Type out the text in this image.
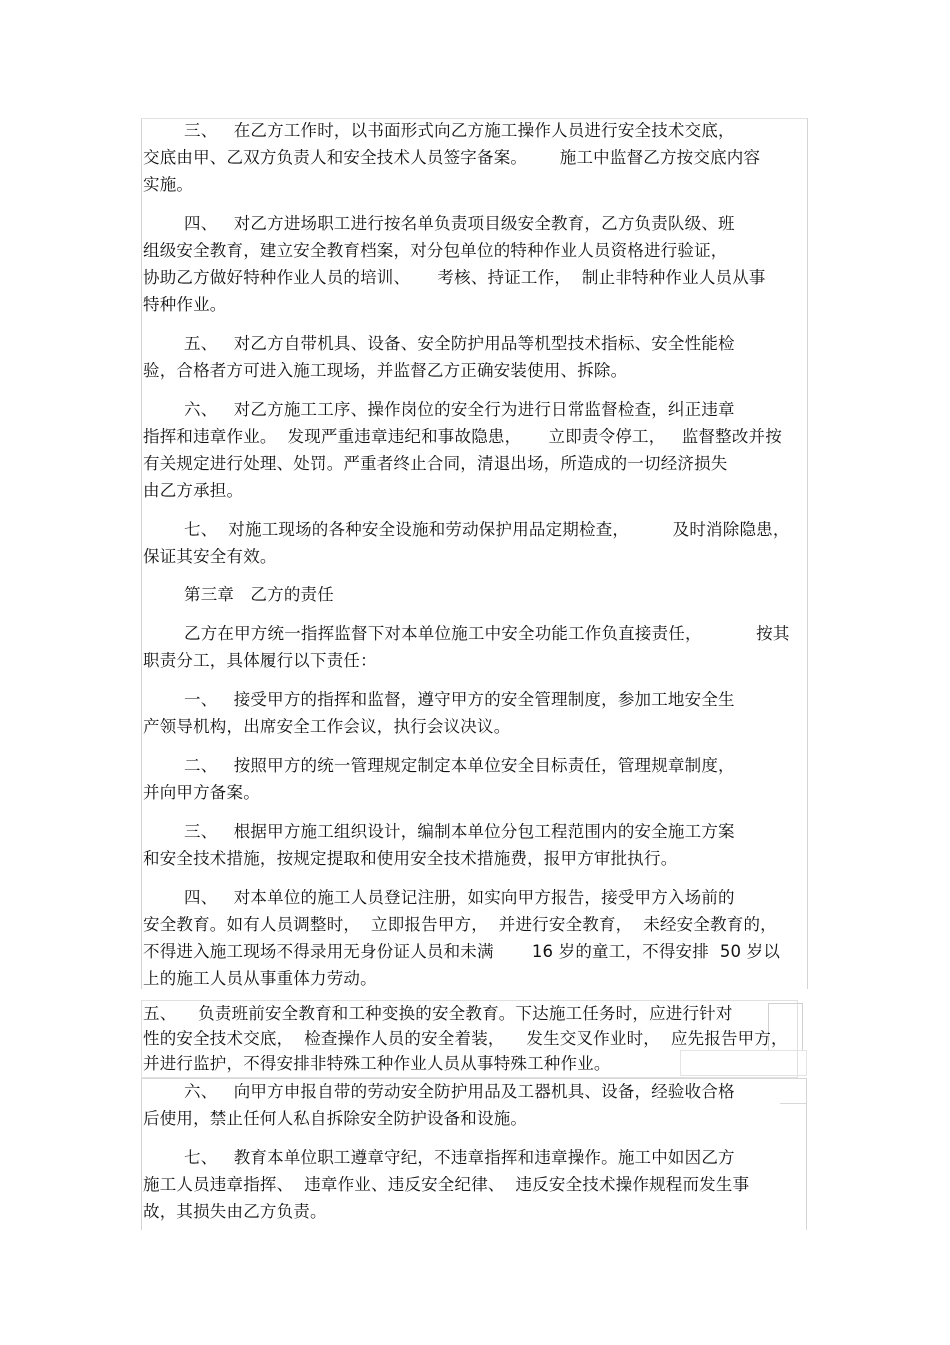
三、   在乙方工作时，以书面形式向乙方施工操作人员进行安全技术交底，
交底由甲、乙双方负责人和安全技术人员签字备案。      施工中监督乙方按交底内容
实施。
四、   对乙方进场职工进行按名单负责项目级安全教育，乙方负责队级、班
组级安全教育，建立安全教育档案，对分包单位的特种作业人员资格进行验证，
协助乙方做好特种作业人员的培训、     考核、持证工作，  制止非特种作业人员从事
特种作业。
五、   对乙方自带机具、设备、安全防护用品等机型技术指标、安全性能检
验，合格者方可进入施工现场，并监督乙方正确安装使用、拆除。
六、   对乙方施工工序、操作岗位的安全行为进行日常监督检查，纠正违章
指挥和违章作业。  发现严重违章违纪和事故隐患，     立即责令停工，   监督整改并按
有关规定进行处理、处罚。严重者终止合同，清退出场，所造成的一切经济损失
由乙方承担。
七、  对施工现场的各种安全设施和劳动保护用品定期检查，        及时消除隐患，
保证其安全有效。
第三章   乙方的责任
乙方在甲方统一指挥监督下对本单位施工中安全功能工作负直接责任，          按其
职责分工，具体履行以下责任：
一、   接受甲方的指挥和监督，遵守甲方的安全管理制度，参加工地安全生
产领导机构，出席安全工作会议，执行会议决议。
二、   按照甲方的统一管理规定制定本单位安全目标责任，管理规章制度，
并向甲方备案。
三、   根据甲方施工组织设计，编制本单位分包工程范围内的安全施工方案
和安全技术措施，按规定提取和使用安全技术措施费，报甲方审批执行。
四、   对本单位的施工人员登记注册，如实向甲方报告，接受甲方入场前的
安全教育。如有人员调整时，  立即报告甲方，  并进行安全教育，  未经安全教育的，
不得进入施工现场不得录用无身份证人员和未满       16 岁的童工，不得安排  50 岁以
上的施工人员从事重体力劳动。
五、    负责班前安全教育和工种变换的安全教育。下达施工任务时，应进行针对
性的安全技术交底，  检查操作人员的安全着装，    发生交叉作业时，  应先报告甲方，
并进行监护，不得安排非特殊工种作业人员从事特殊工种作业。
六、   向甲方申报自带的劳动安全防护用品及工器机具、设备，经验收合格
后使用，禁止任何人私自拆除安全防护设备和设施。
七、   教育本单位职工遵章守纪，不违章指挥和违章操作。施工中如因乙方
施工人员违章指挥、  违章作业、违反安全纪律、  违反安全技术操作规程而发生事
故，其损失由乙方负责。
